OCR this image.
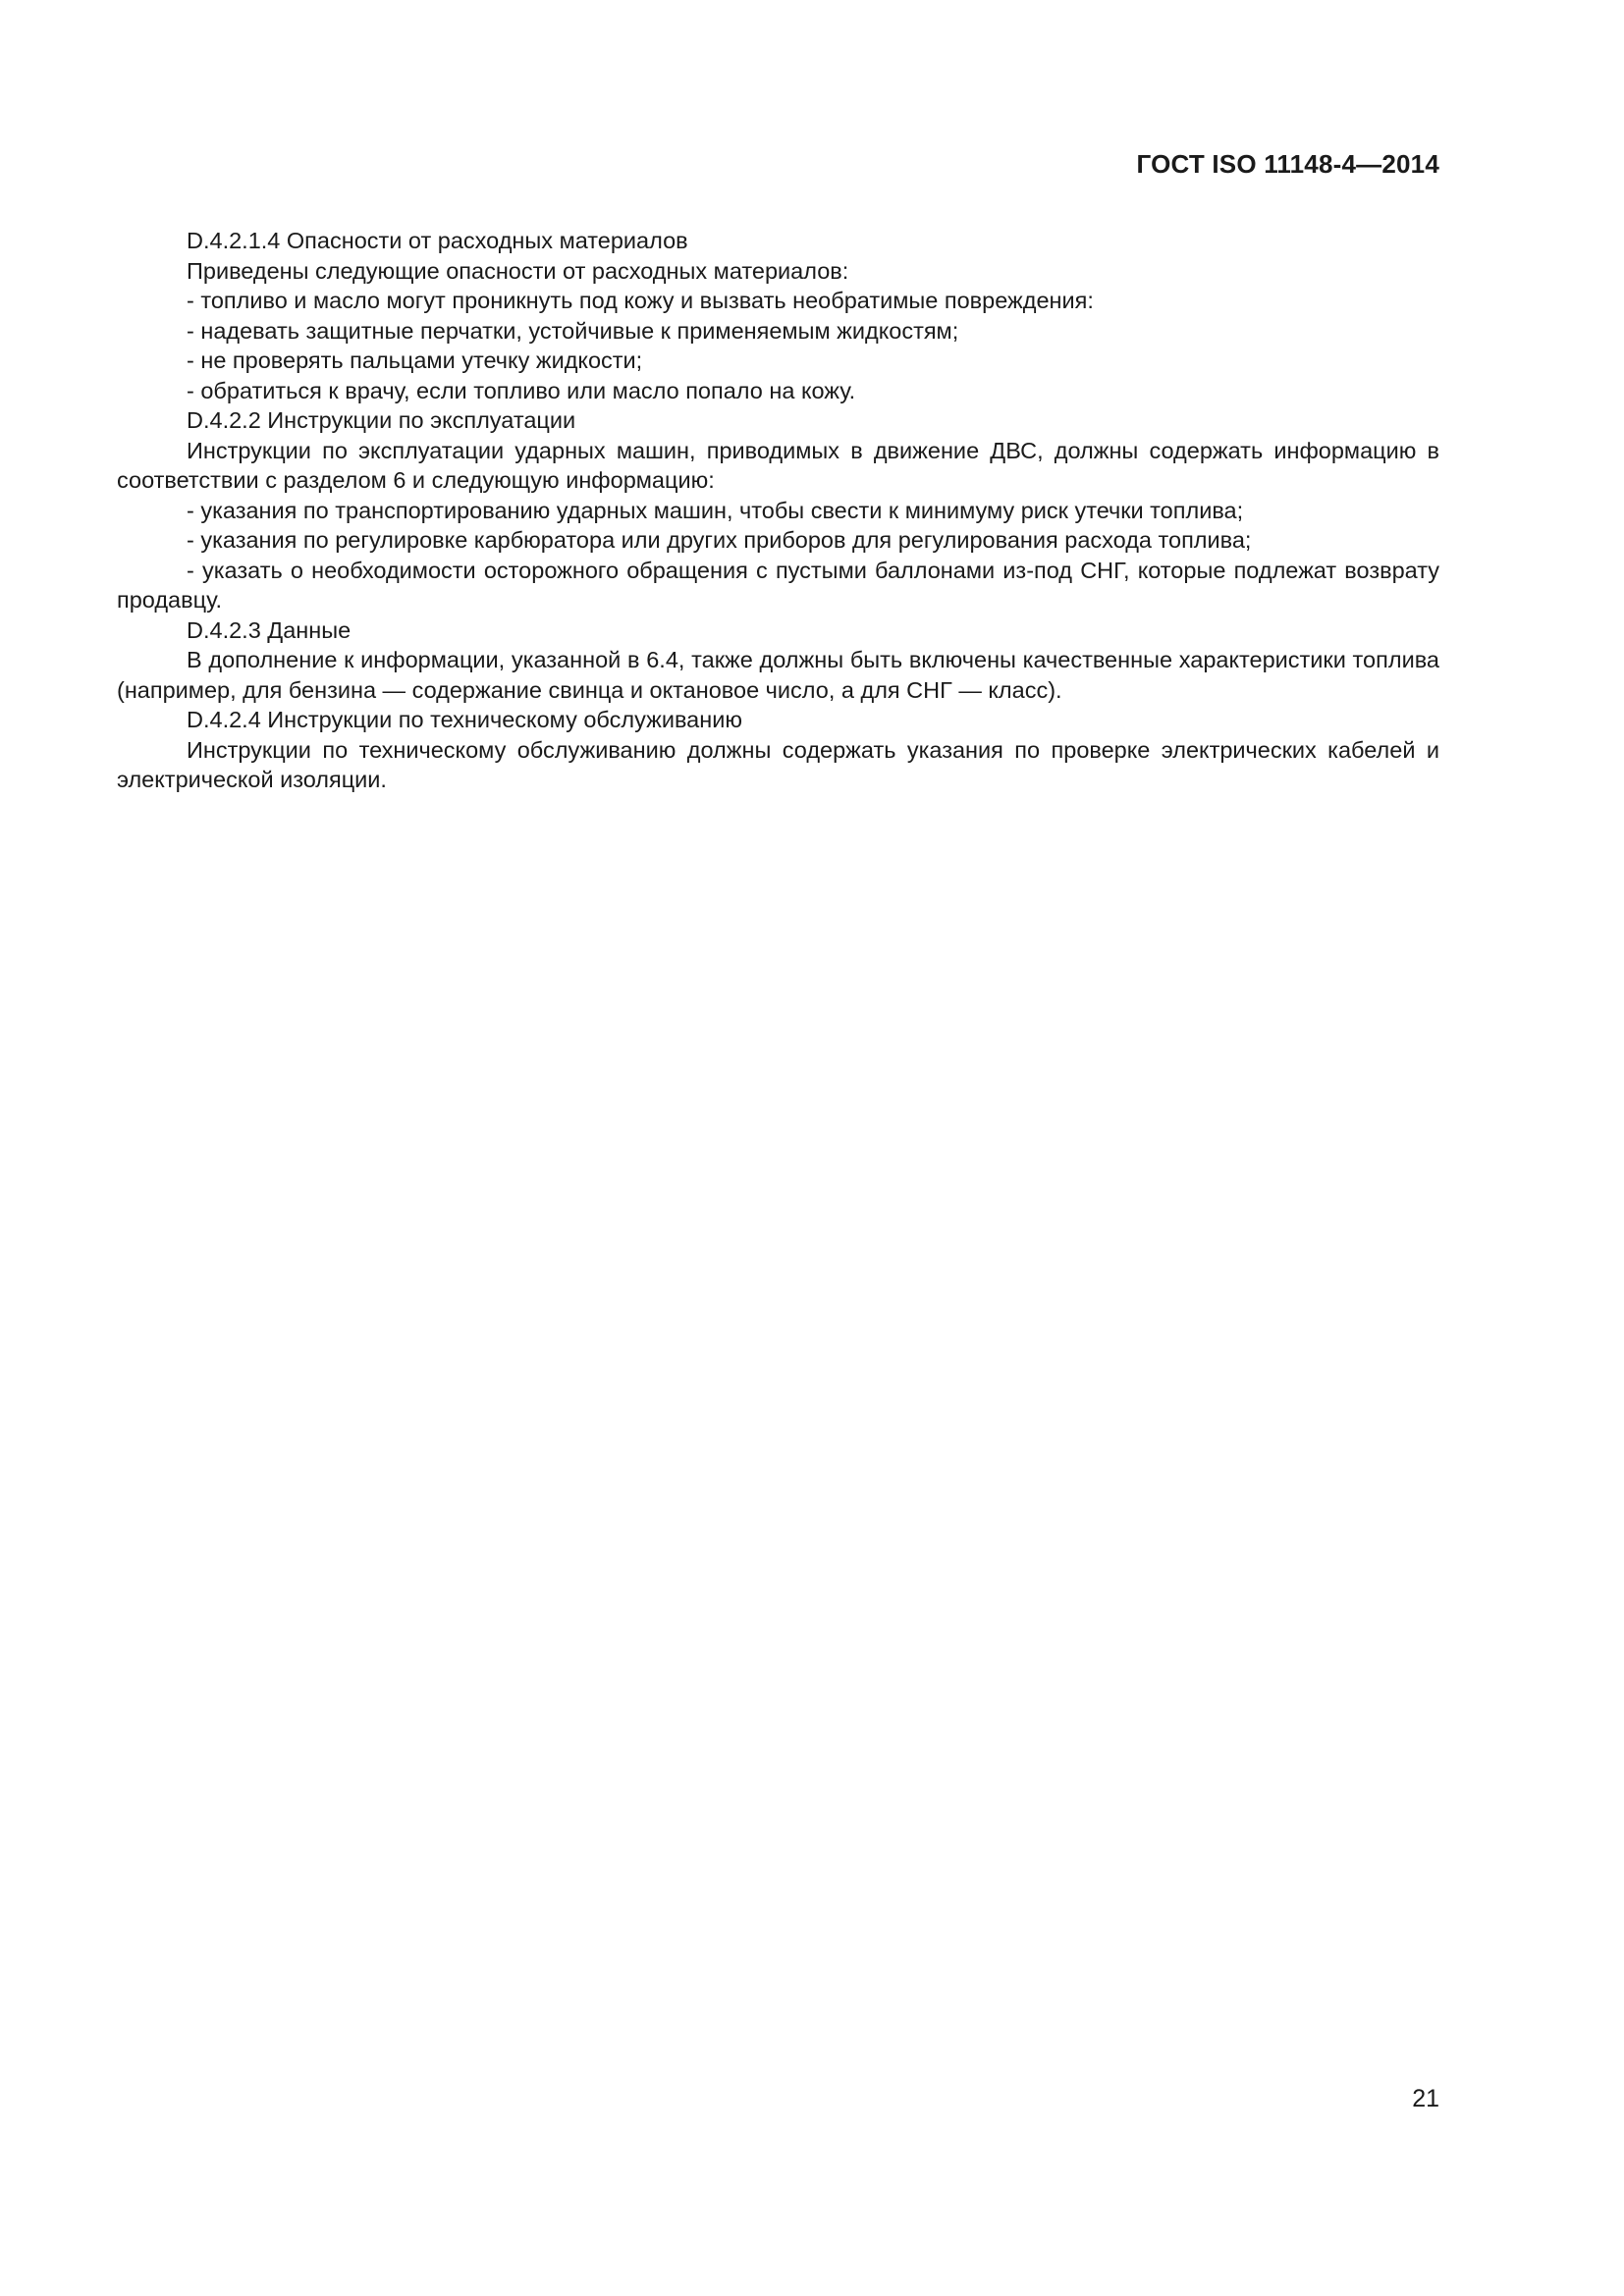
ГОСТ ISO 11148-4—2014

D.4.2.1.4 Опасности от расходных материалов

Приведены следующие опасности от расходных материалов:

- топливо и масло могут проникнуть под кожу и вызвать необратимые повреждения:

- надевать защитные перчатки, устойчивые к применяемым жидкостям;

- не проверять пальцами утечку жидкости;

- обратиться к врачу, если топливо или масло попало на кожу.

D.4.2.2 Инструкции по эксплуатации

Инструкции по эксплуатации ударных машин, приводимых в движение ДВС, должны содержать информацию в соответствии с разделом 6 и следующую информацию:

- указания по транспортированию ударных машин, чтобы свести к минимуму риск утечки топлива;

- указания по регулировке карбюратора или других приборов для регулирования расхода топлива;

- указать о необходимости осторожного обращения с пустыми баллонами из-под СНГ, которые подлежат возврату продавцу.

D.4.2.3 Данные

В дополнение к информации, указанной в 6.4, также должны быть включены качественные характеристики топлива (например, для бензина — содержание свинца и октановое число, а для СНГ — класс).

D.4.2.4 Инструкции по техническому обслуживанию

Инструкции по техническому обслуживанию должны содержать указания по проверке электрических кабелей и электрической изоляции.

21
